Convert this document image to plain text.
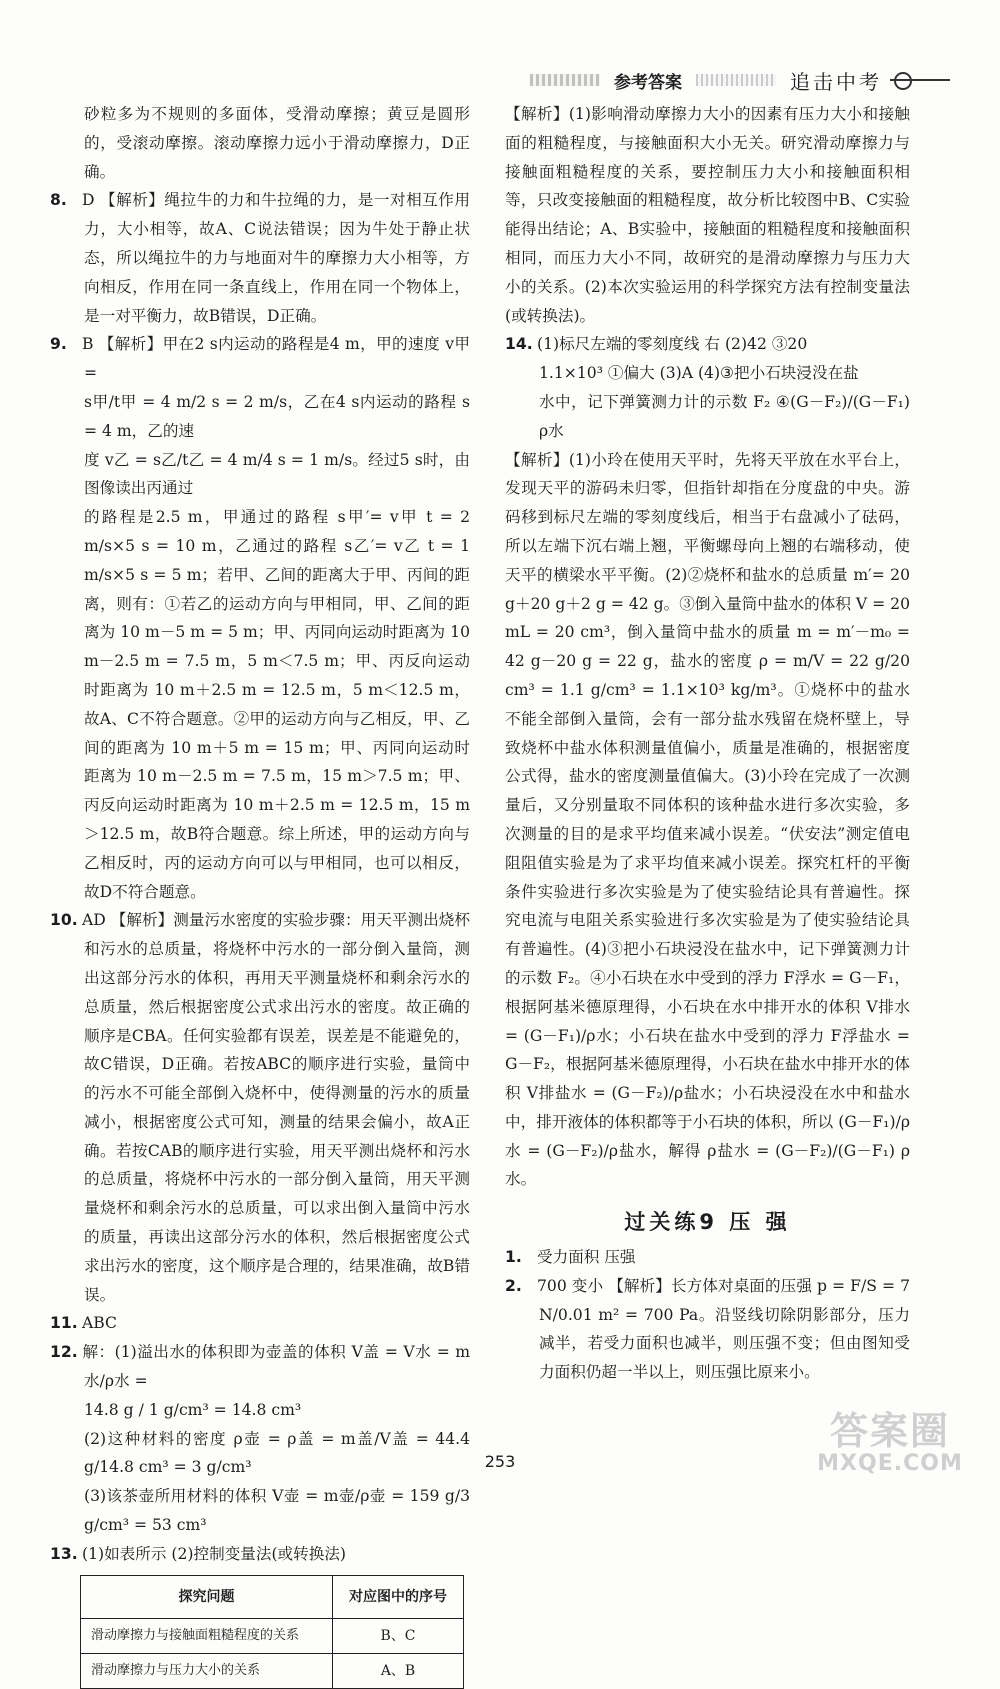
参考答案	追击中考

砂粒多为不规则的多面体，受滑动摩擦；黄豆是圆形的，受滚动摩擦。滚动摩擦力远小于滑动摩擦力，D正确。

8. D 【解析】绳拉牛的力和牛拉绳的力，是一对相互作用力，大小相等，故A、C说法错误；因为牛处于静止状态，所以绳拉牛的力与地面对牛的摩擦力大小相等，方向相反，作用在同一条直线上，作用在同一个物体上，是一对平衡力，故B错误，D正确。

9. B 【解析】甲在2 s内运动的路程是4 m，甲的速度 v甲 =

s甲/t甲 = 4 m/2 s = 2 m/s，乙在4 s内运动的路程 s = 4 m，乙的速

度 v乙 = s乙/t乙 = 4 m/4 s = 1 m/s。经过5 s时，由图像读出丙通过

的路程是2.5 m，甲通过的路程 s甲′= v甲 t = 2 m/s×5 s = 10 m，乙通过的路程 s乙′= v乙 t = 1 m/s×5 s = 5 m；若甲、乙间的距离大于甲、丙间的距离，则有：①若乙的运动方向与甲相同，甲、乙间的距离为 10 m－5 m = 5 m；甲、丙同向运动时距离为 10 m－2.5 m = 7.5 m，5 m＜7.5 m；甲、丙反向运动时距离为 10 m＋2.5 m = 12.5 m，5 m＜12.5 m，故A、C不符合题意。②甲的运动方向与乙相反，甲、乙间的距离为 10 m＋5 m = 15 m；甲、丙同向运动时距离为 10 m－2.5 m = 7.5 m，15 m＞7.5 m；甲、丙反向运动时距离为 10 m＋2.5 m = 12.5 m，15 m＞12.5 m，故B符合题意。综上所述，甲的运动方向与乙相反时，丙的运动方向可以与甲相同，也可以相反，故D不符合题意。

10. AD 【解析】测量污水密度的实验步骤：用天平测出烧杯和污水的总质量，将烧杯中污水的一部分倒入量筒，测出这部分污水的体积，再用天平测量烧杯和剩余污水的总质量，然后根据密度公式求出污水的密度。故正确的顺序是CBA。任何实验都有误差，误差是不能避免的，故C错误，D正确。若按ABC的顺序进行实验，量筒中的污水不可能全部倒入烧杯中，使得测量的污水的质量减小，根据密度公式可知，测量的结果会偏小，故A正确。若按CAB的顺序进行实验，用天平测出烧杯和污水的总质量，将烧杯中污水的一部分倒入量筒，用天平测量烧杯和剩余污水的总质量，可以求出倒入量筒中污水的质量，再读出这部分污水的体积，然后根据密度公式求出污水的密度，这个顺序是合理的，结果准确，故B错误。

11. ABC

12. 解：(1)溢出水的体积即为壶盖的体积 V盖 = V水 = m水/ρ水 =

14.8 g / 1 g/cm³ = 14.8 cm³

(2)这种材料的密度 ρ壶 = ρ盖 = m盖/V盖 = 44.4 g/14.8 cm³ = 3 g/cm³

(3)该茶壶所用材料的体积 V壶 = m壶/ρ壶 = 159 g/3 g/cm³ = 53 cm³

13. (1)如表所示 (2)控制变量法(或转换法)

探究问题	对应图中的序号
滑动摩擦力与接触面粗糙程度的关系	B、C
滑动摩擦力与压力大小的关系	A、B

【解析】(1)影响滑动摩擦力大小的因素有压力大小和接触面的粗糙程度，与接触面积大小无关。研究滑动摩擦力与接触面粗糙程度的关系，要控制压力大小和接触面积相等，只改变接触面的粗糙程度，故分析比较图中B、C实验能得出结论；A、B实验中，接触面的粗糙程度和接触面积相同，而压力大小不同，故研究的是滑动摩擦力与压力大小的关系。(2)本次实验运用的科学探究方法有控制变量法(或转换法)。

14. (1)标尺左端的零刻度线 右 (2)42 ③20

1.1×10³ ①偏大 (3)A (4)③把小石块浸没在盐

水中，记下弹簧测力计的示数 F₂ ④(G－F₂)/(G－F₁) ρ水

【解析】(1)小玲在使用天平时，先将天平放在水平台上，发现天平的游码未归零，但指针却指在分度盘的中央。游码移到标尺左端的零刻度线后，相当于右盘减小了砝码，所以左端下沉右端上翘，平衡螺母向上翘的右端移动，使天平的横梁水平平衡。(2)②烧杯和盐水的总质量 m′= 20 g＋20 g＋2 g = 42 g。③倒入量筒中盐水的体积 V = 20 mL = 20 cm³，倒入量筒中盐水的质量 m = m′－m₀ = 42 g－20 g = 22 g，盐水的密度 ρ = m/V = 22 g/20 cm³ = 1.1 g/cm³ = 1.1×10³ kg/m³。①烧杯中的盐水不能全部倒入量筒，会有一部分盐水残留在烧杯壁上，导致烧杯中盐水体积测量值偏小，质量是准确的，根据密度公式得，盐水的密度测量值偏大。(3)小玲在完成了一次测量后，又分别量取不同体积的该种盐水进行多次实验，多次测量的目的是求平均值来减小误差。“伏安法”测定值电阻阻值实验是为了求平均值来减小误差。探究杠杆的平衡条件实验进行多次实验是为了使实验结论具有普遍性。探究电流与电阻关系实验进行多次实验是为了使实验结论具有普遍性。(4)③把小石块浸没在盐水中，记下弹簧测力计的示数 F₂。④小石块在水中受到的浮力 F浮水 = G－F₁，根据阿基米德原理得，小石块在水中排开水的体积 V排水 = (G－F₁)/ρ水；小石块在盐水中受到的浮力 F浮盐水 = G－F₂，根据阿基米德原理得，小石块在盐水中排开水的体积 V排盐水 = (G－F₂)/ρ盐水；小石块浸没在水中和盐水中，排开液体的体积都等于小石块的体积，所以 (G－F₁)/ρ水 = (G－F₂)/ρ盐水，解得 ρ盐水 = (G－F₂)/(G－F₁) ρ水。

过关练9 压 强

1. 受力面积 压强

2. 700 变小 【解析】长方体对桌面的压强 p = F/S = 7 N/0.01 m² = 700 Pa。沿竖线切除阴影部分，压力减半，若受力面积也减半，则压强不变；但由图知受力面积仍超一半以上，则压强比原来小。

253
答案圈
MXQE.COM
